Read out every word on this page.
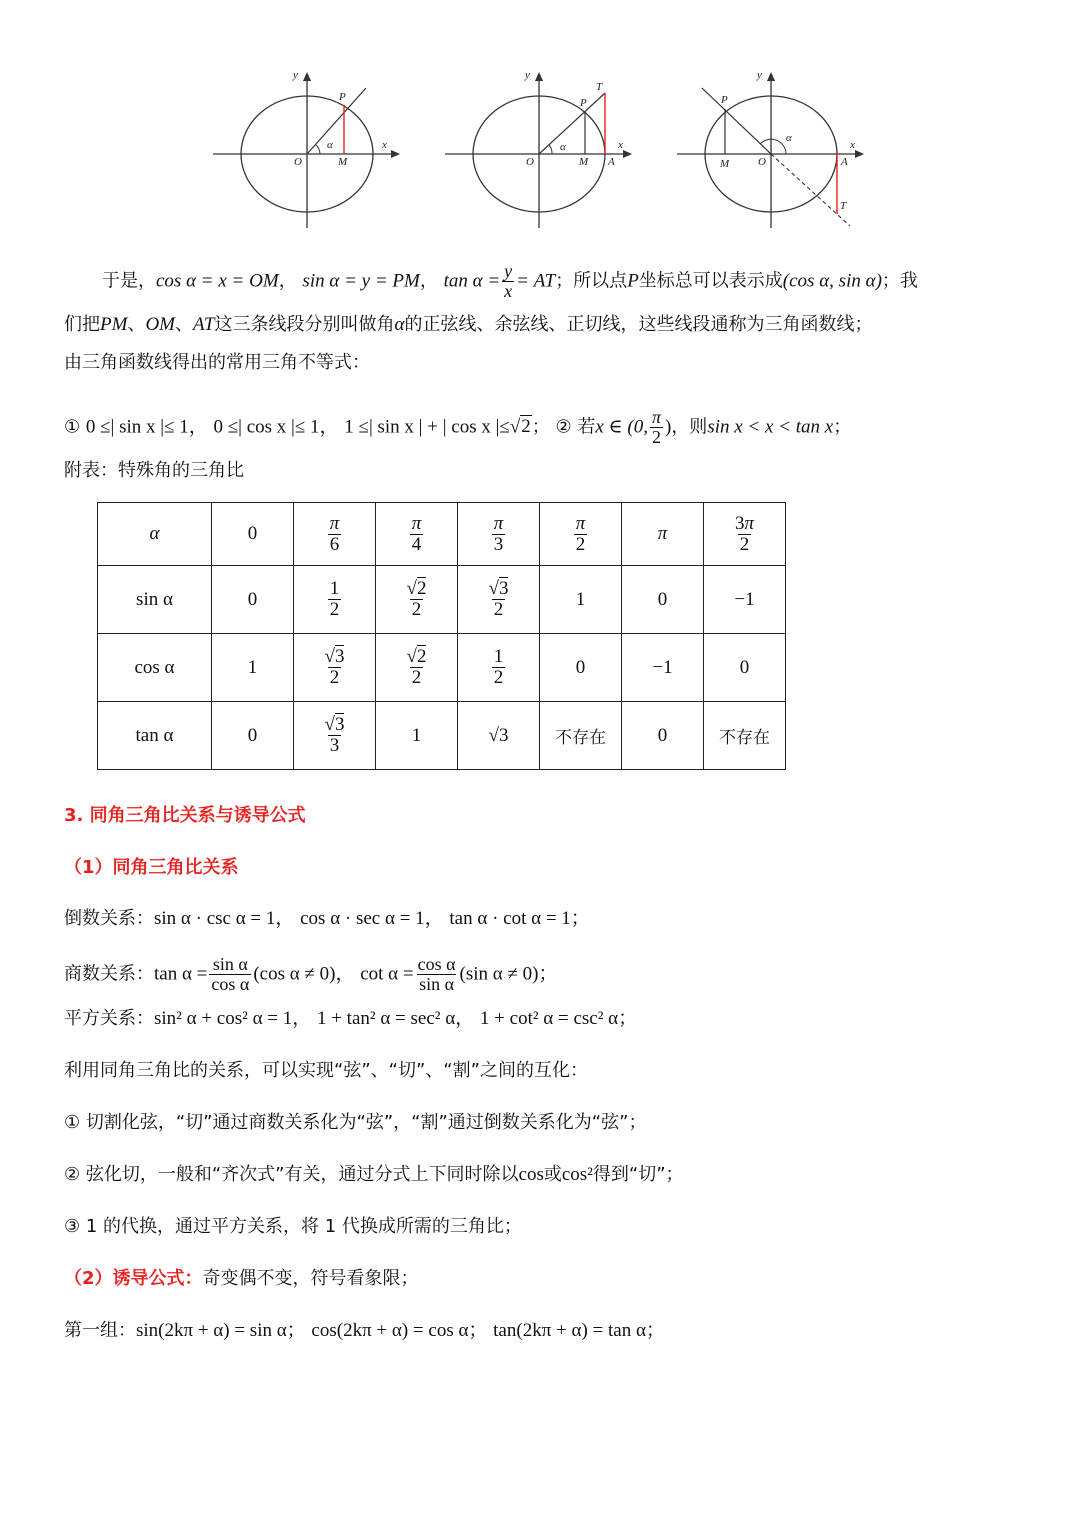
y
x
P
α
O	M
y
T
P
x
α
O	M A
y
P
α
x
M	O	A
T
于是，cos α = x = OM， sin α = y = PM， $\tan \alpha = \frac{y}{x}$ = AT；所以点P坐标总可以表示成(cos α, sin α)；我
们把PM、OM、AT这三条线段分别叫做角α的正弦线、余弦线、正切线，这些线段通称为三角函数线；
由三角函数线得出的常用三角不等式：
① 0 ≤| sin x |≤ 1， 0 ≤| cos x |≤ 1， 1 ≤| sin x | + | cos x |≤√2； ② 若x ∈ (0, $\frac{\pi}{2}$ )，则sin x < x < tan x；
附表：特殊角的三角比
α	0	$\frac{\pi}{6}$	$\frac{\pi}{4}$	$\frac{\pi}{3}$	$\frac{\pi}{2}$	π	$\frac{3\pi}{2}$

sin α	0	$\frac{1}{2}$	$\frac{√2}{2}$	$\frac{√3}{2}$	1	0	−1
cos α	1	$\frac{√3}{2}$	$\frac{√2}{2}$	$\frac{1}{2}$	0	−1	0
tan α	0	$\frac{√3}{3}$	1	√3	不存在	0	不存在
3. 同角三角比关系与诱导公式
（1）同角三角比关系
倒数关系：sin α · csc α = 1， cos α · sec α = 1， tan α · cot α = 1；
商数关系：$\tan \alpha = \frac{\text{sin α}}{\text{cos α}} (\cos$ α ≠ 0)， $\cot \alpha = \frac{\text{cos α}}{\text{sin α}} (\sin$ α ≠ 0)；
平方关系：sin² α + cos² α = 1， 1 + tan² α = sec² α， 1 + cot² α = csc² α；
利用同角三角比的关系，可以实现“弦”、“切”、“割”之间的互化：
① 切割化弦，“切”通过商数关系化为“弦”，“割”通过倒数关系化为“弦”；
② 弦化切，一般和“齐次式”有关，通过分式上下同时除以cos或cos²得到“切”；
③ 1 的代换，通过平方关系，将 1 代换成所需的三角比；
（2）诱导公式：奇变偶不变，符号看象限；
第一组：sin(2kπ + α) = sin α； cos(2kπ + α) = cos α； tan(2kπ + α) = tan α；
